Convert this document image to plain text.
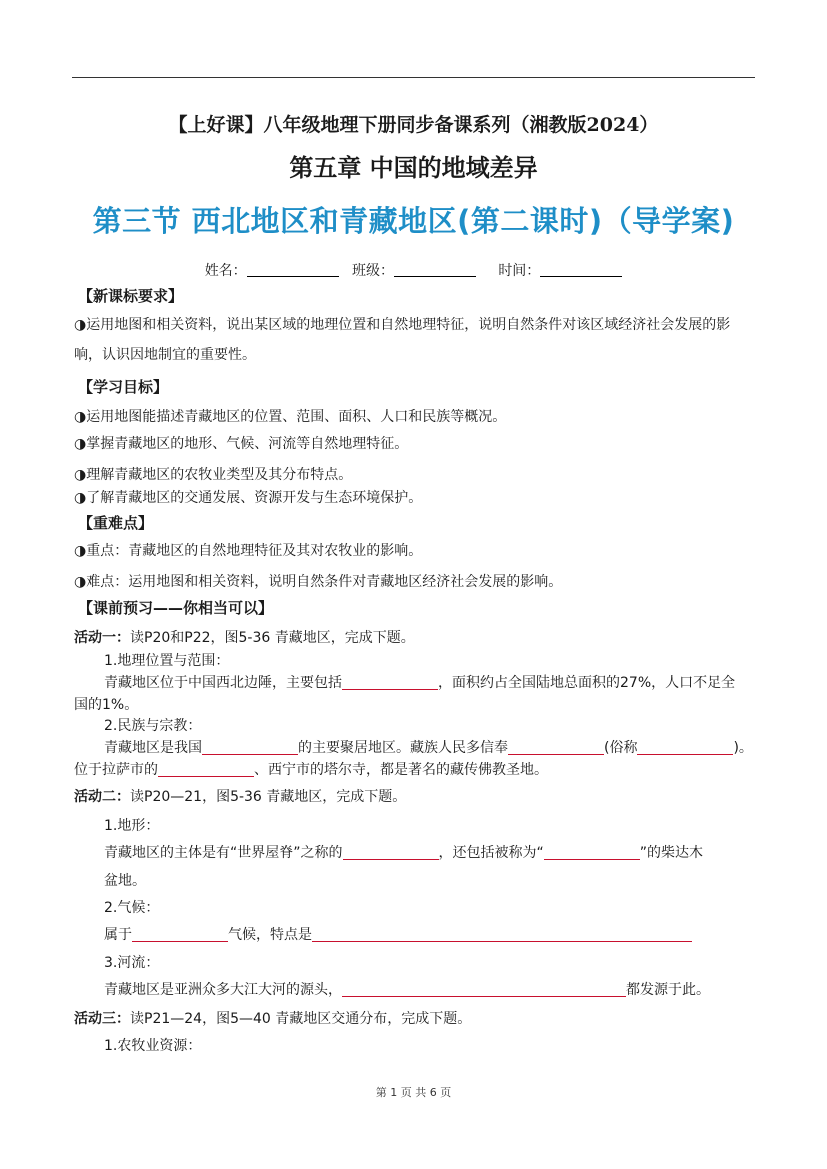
【上好课】八年级地理下册同步备课系列（湘教版2024）
第五章 中国的地域差异
第三节 西北地区和青藏地区(第二课时)（导学案)
姓名：	班级：	时间：
【新课标要求】
◑运用地图和相关资料，说出某区域的地理位置和自然地理特征，说明自然条件对该区域经济社会发展的影
响，认识因地制宜的重要性。
【学习目标】
◑运用地图能描述青藏地区的位置、范围、面积、人口和民族等概况。
◑掌握青藏地区的地形、气候、河流等自然地理特征。
◑理解青藏地区的农牧业类型及其分布特点。
◑了解青藏地区的交通发展、资源开发与生态环境保护。
【重难点】
◑重点：青藏地区的自然地理特征及其对农牧业的影响。
◑难点：运用地图和相关资料，说明自然条件对青藏地区经济社会发展的影响。
【课前预习——你相当可以】
活动一：读P20和P22，图5-36 青藏地区，完成下题。
1.地理位置与范围：
青藏地区位于中国西北边陲，主要包括	，面积约占全国陆地总面积的27%，人口不足全
国的1%。
2.民族与宗教：
青藏地区是我国	的主要聚居地区。藏族人民多信奉	(俗称	)。
位于拉萨市的	、西宁市的塔尔寺，都是著名的藏传佛教圣地。
活动二：读P20—21，图5-36 青藏地区，完成下题。
1.地形：
青藏地区的主体是有“世界屋脊”之称的	，还包括被称为“	”的柴达木
盆地。
2.气候：
属于	气候，特点是
3.河流：
青藏地区是亚洲众多大江大河的源头，	都发源于此。
活动三：读P21—24，图5—40 青藏地区交通分布，完成下题。
1.农牧业资源：
第 1 页 共 6 页
